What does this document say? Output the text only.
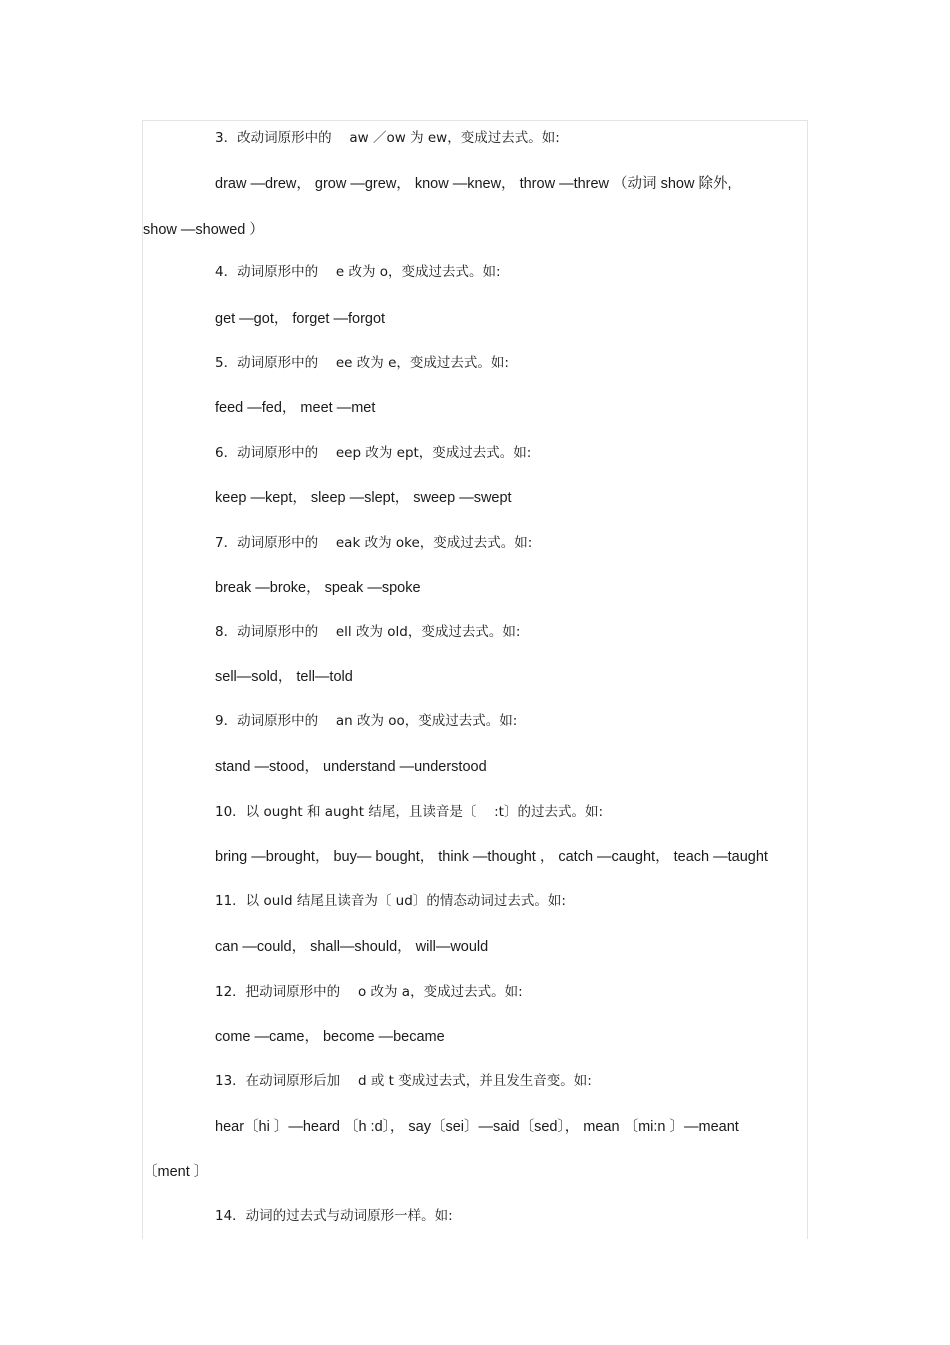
3．改动词原形中的　 aw ／ow 为 ew，变成过去式。如:
draw —drew， grow —grew， know —knew， throw —threw （动词 show 除外,
show —showed ）
4．动词原形中的　 e 改为 o，变成过去式。如:
get —got， forget —forgot
5．动词原形中的　 ee 改为 e，变成过去式。如:
feed —fed， meet —met
6．动词原形中的　 eep 改为 ept，变成过去式。如:
keep —kept， sleep —slept， sweep —swept
7．动词原形中的　 eak 改为 oke，变成过去式。如:
break —broke， speak —spoke
8．动词原形中的　 ell 改为 old，变成过去式。如:
sell—sold， tell—told
9．动词原形中的　 an 改为 oo，变成过去式。如:
stand —stood， understand —understood
10．以 ought 和 aught 结尾，且读音是〔　 :t〕的过去式。如:
bring —brought， buy— bought， think —thought ， catch —caught， teach —taught
11．以 ould 结尾且读音为〔 ud〕的情态动词过去式。如:
can —could， shall—should， will—would
12．把动词原形中的　 o 改为 a，变成过去式。如:
come —came， become —became
13．在动词原形后加　 d 或 t 变成过去式，并且发生音变。如:
hear〔hi 〕—heard 〔h :d〕， say〔sei〕—said〔sed〕， mean 〔mi:n 〕—meant
〔ment 〕
14．动词的过去式与动词原形一样。如:
